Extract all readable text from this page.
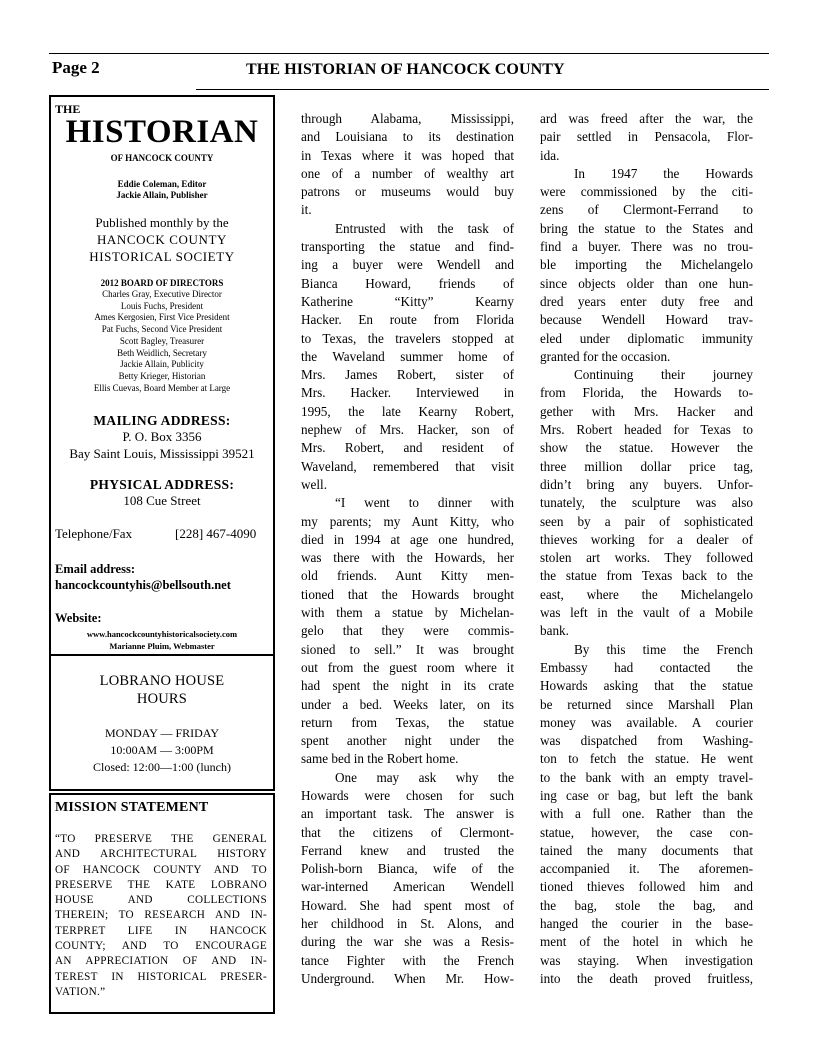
Page 2	THE HISTORIAN OF HANCOCK COUNTY
THE
HISTORIAN
OF HANCOCK COUNTY
Eddie Coleman, Editor
Jackie Allain, Publisher
Published monthly by the
HANCOCK COUNTY
HISTORICAL SOCIETY
2012 BOARD OF DIRECTORS
Charles Gray, Executive Director
Louis Fuchs, President
Ames Kergosien, First Vice President
Pat Fuchs, Second Vice President
Scott Bagley, Treasurer
Beth Weidlich, Secretary
Jackie Allain, Publicity
Betty Krieger, Historian
Ellis Cuevas, Board Member at Large
MAILING ADDRESS:
P. O. Box 3356
Bay Saint Louis, Mississippi 39521
PHYSICAL ADDRESS:
108 Cue Street
Telephone/Fax	[228] 467-4090
Email address:
hancockcountyhis@bellsouth.net
Website:
www.hancockcountyhistoricalsociety.com
Marianne Pluim, Webmaster
LOBRANO HOUSE
HOURS
MONDAY — FRIDAY
10:00AM — 3:00PM
Closed: 12:00—1:00 (lunch)
MISSION STATEMENT
“TO PRESERVE THE GENERAL
AND ARCHITECTURAL HISTORY
OF HANCOCK COUNTY AND TO
PRESERVE THE KATE LOBRANO
HOUSE AND COLLECTIONS
THEREIN; TO RESEARCH AND IN-
TERPRET LIFE IN HANCOCK
COUNTY; AND TO ENCOURAGE
AN APPRECIATION OF AND IN-
TEREST IN HISTORICAL PRESER-
VATION.”
through Alabama, Mississippi,
and Louisiana to its destination
in Texas where it was hoped that
one of a number of wealthy art
patrons or museums would buy
it.
Entrusted with the task of
transporting the statue and find-
ing a buyer were Wendell and
Bianca Howard, friends of
Katherine “Kitty” Kearny
Hacker. En route from Florida
to Texas, the travelers stopped at
the Waveland summer home of
Mrs. James Robert, sister of
Mrs. Hacker. Interviewed in
1995, the late Kearny Robert,
nephew of Mrs. Hacker, son of
Mrs. Robert, and resident of
Waveland, remembered that visit
well.
“I went to dinner with
my parents; my Aunt Kitty, who
died in 1994 at age one hundred,
was there with the Howards, her
old friends. Aunt Kitty men-
tioned that the Howards brought
with them a statue by Michelan-
gelo that they were commis-
sioned to sell.” It was brought
out from the guest room where it
had spent the night in its crate
under a bed. Weeks later, on its
return from Texas, the statue
spent another night under the
same bed in the Robert home.
One may ask why the
Howards were chosen for such
an important task. The answer is
that the citizens of Clermont-
Ferrand knew and trusted the
Polish-born Bianca, wife of the
war-interned American Wendell
Howard. She had spent most of
her childhood in St. Alons, and
during the war she was a Resis-
tance Fighter with the French
Underground. When Mr. How-
ard was freed after the war, the
pair settled in Pensacola, Flor-
ida.
In 1947 the Howards
were commissioned by the citi-
zens of Clermont-Ferrand to
bring the statue to the States and
find a buyer. There was no trou-
ble importing the Michelangelo
since objects older than one hun-
dred years enter duty free and
because Wendell Howard trav-
eled under diplomatic immunity
granted for the occasion.
Continuing their journey
from Florida, the Howards to-
gether with Mrs. Hacker and
Mrs. Robert headed for Texas to
show the statue. However the
three million dollar price tag,
didn’t bring any buyers. Unfor-
tunately, the sculpture was also
seen by a pair of sophisticated
thieves working for a dealer of
stolen art works. They followed
the statue from Texas back to the
east, where the Michelangelo
was left in the vault of a Mobile
bank.
By this time the French
Embassy had contacted the
Howards asking that the statue
be returned since Marshall Plan
money was available. A courier
was dispatched from Washing-
ton to fetch the statue. He went
to the bank with an empty travel-
ing case or bag, but left the bank
with a full one. Rather than the
statue, however, the case con-
tained the many documents that
accompanied it. The aforemen-
tioned thieves followed him and
the bag, stole the bag, and
hanged the courier in the base-
ment of the hotel in which he
was staying. When investigation
into the death proved fruitless,
